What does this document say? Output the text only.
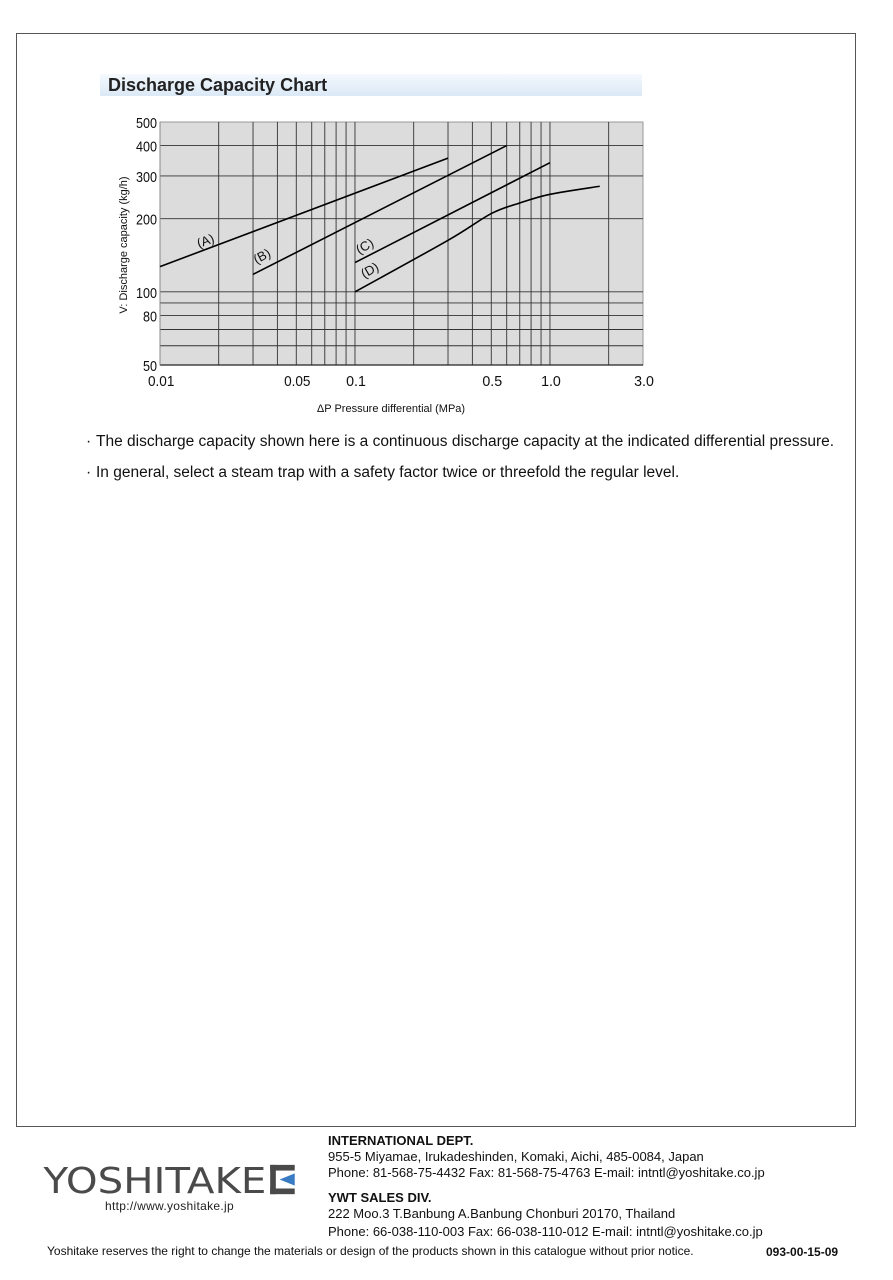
Discharge Capacity Chart
(A)
(B)	(C)
(D)
500
400
300
200
100
80
50
0.01	0.05 0.1	0.5	1.0	3.0
V: Discharge capacity (kg/h)
ΔP Pressure differential (MPa)
· The discharge capacity shown here is a continuous discharge capacity at the indicated differential pressure.
· In general, select a steam trap with a safety factor twice or threefold the regular level.
YOSHITAKE
http://www.yoshitake.jp
INTERNATIONAL DEPT.
955-5 Miyamae, Irukadeshinden, Komaki, Aichi, 485-0084, Japan
Phone: 81-568-75-4432 Fax: 81-568-75-4763 E-mail: intntl@yoshitake.co.jp
YWT SALES DIV.
222 Moo.3 T.Banbung A.Banbung Chonburi 20170, Thailand
Phone: 66-038-110-003 Fax: 66-038-110-012 E-mail: intntl@yoshitake.co.jp
Yoshitake reserves the right to change the materials or design of the products shown in this catalogue without prior notice.	093-00-15-09
